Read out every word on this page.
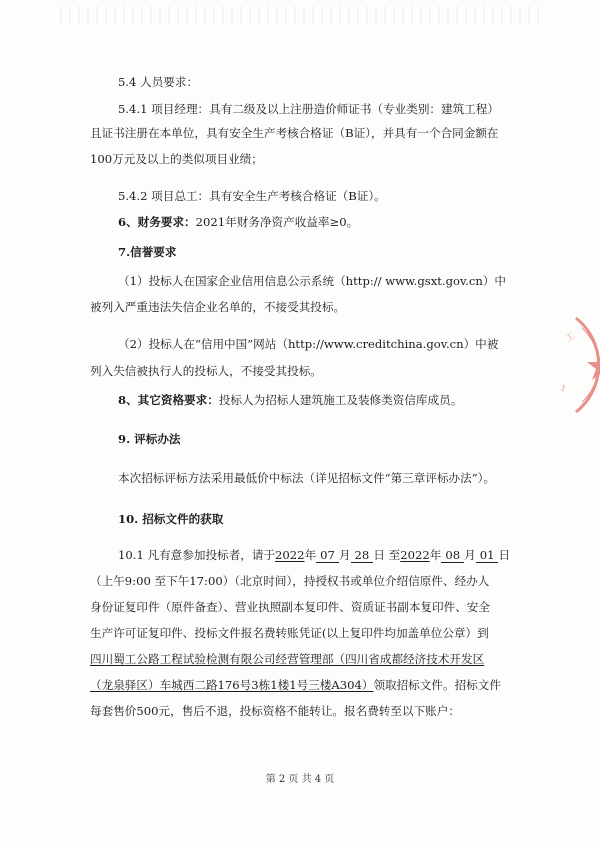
5.4 人员要求：

5.4.1 项目经理：具有二级及以上注册造价师证书（专业类别：建筑工程）

且证书注册在本单位，具有安全生产考核合格证（B证），并具有一个合同金额在

100万元及以上的类似项目业绩；

5.4.2 项目总工：具有安全生产考核合格证（B证）。

6、财务要求：2021年财务净资产收益率≥0。

7.信誉要求

（1）投标人在国家企业信用信息公示系统（http:// www.gsxt.gov.cn）中

被列入严重违法失信企业名单的，不接受其投标。

（2）投标人在“信用中国”网站（http://www.creditchina.gov.cn）中被

列入失信被执行人的投标人，不接受其投标。

8、其它资格要求：投标人为招标人建筑施工及装修类资信库成员。

9. 评标办法

本次招标评标方法采用最低价中标法（详见招标文件“第三章评标办法”）。

10. 招标文件的获取

10.1 凡有意参加投标者，请于2022年 07 月 28 日 至2022年 08 月 01 日

（上午9:00 至下午17:00）（北京时间），持授权书或单位介绍信原件、经办人

身份证复印件（原件备查）、营业执照副本复印件、资质证书副本复印件、安全

生产许可证复印件、投标文件报名费转账凭证(以上复印件均加盖单位公章）到

四川蜀工公路工程试验检测有限公司经营管理部（四川省成都经济技术开发区

（龙泉驿区）车城西二路176号3栋1楼1号三楼A304）领取招标文件。招标文件

每套售价500元，售后不退，投标资格不能转让。报名费转至以下账户：

工
1
第 2 页 共 4 页
